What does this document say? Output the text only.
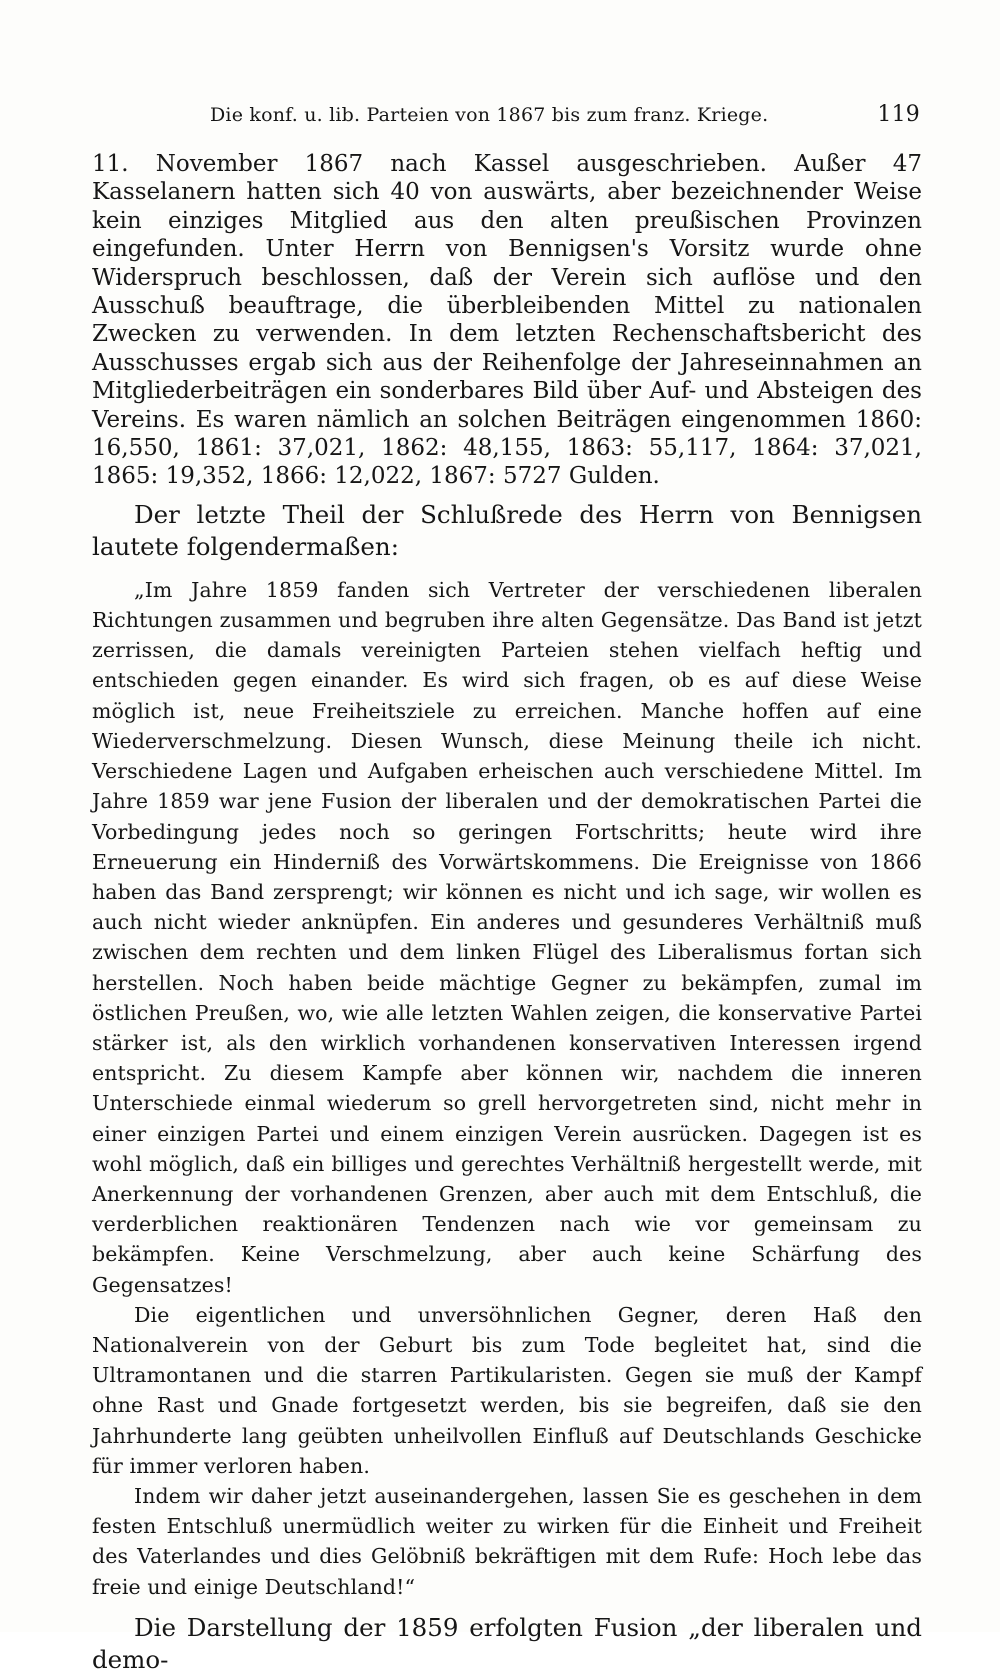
Die konf. u. lib. Parteien von 1867 bis zum franz. Kriege.	119

11. November 1867 nach Kassel ausgeschrieben. Außer 47 Kasselanern hatten sich 40 von auswärts, aber bezeichnender Weise kein einziges Mitglied aus den alten preußischen Provinzen eingefunden. Unter Herrn von Bennigsen's Vorsitz wurde ohne Widerspruch beschlossen, daß der Verein sich auflöse und den Ausschuß beauftrage, die überbleibenden Mittel zu nationalen Zwecken zu verwenden. In dem letzten Rechenschaftsbericht des Ausschusses ergab sich aus der Reihenfolge der Jahreseinnahmen an Mitgliederbeiträgen ein sonderbares Bild über Auf- und Absteigen des Vereins. Es waren nämlich an solchen Beiträgen eingenommen 1860: 16,550, 1861: 37,021, 1862: 48,155, 1863: 55,117, 1864: 37,021, 1865: 19,352, 1866: 12,022, 1867: 5727 Gulden.

Der letzte Theil der Schlußrede des Herrn von Bennigsen lautete folgendermaßen:

„Im Jahre 1859 fanden sich Vertreter der verschiedenen liberalen Richtungen zusammen und begruben ihre alten Gegensätze. Das Band ist jetzt zerrissen, die damals vereinigten Parteien stehen vielfach heftig und entschieden gegen einander. Es wird sich fragen, ob es auf diese Weise möglich ist, neue Freiheitsziele zu erreichen. Manche hoffen auf eine Wiederverschmelzung. Diesen Wunsch, diese Meinung theile ich nicht. Verschiedene Lagen und Aufgaben erheischen auch verschiedene Mittel. Im Jahre 1859 war jene Fusion der liberalen und der demokratischen Partei die Vorbedingung jedes noch so geringen Fortschritts; heute wird ihre Erneuerung ein Hinderniß des Vorwärtskommens. Die Ereignisse von 1866 haben das Band zersprengt; wir können es nicht und ich sage, wir wollen es auch nicht wieder anknüpfen. Ein anderes und gesunderes Verhältniß muß zwischen dem rechten und dem linken Flügel des Liberalismus fortan sich herstellen. Noch haben beide mächtige Gegner zu bekämpfen, zumal im östlichen Preußen, wo, wie alle letzten Wahlen zeigen, die konservative Partei stärker ist, als den wirklich vorhandenen konservativen Interessen irgend entspricht. Zu diesem Kampfe aber können wir, nachdem die inneren Unterschiede einmal wiederum so grell hervorgetreten sind, nicht mehr in einer einzigen Partei und einem einzigen Verein ausrücken. Dagegen ist es wohl möglich, daß ein billiges und gerechtes Verhältniß hergestellt werde, mit Anerkennung der vorhandenen Grenzen, aber auch mit dem Entschluß, die verderblichen reaktionären Tendenzen nach wie vor gemeinsam zu bekämpfen. Keine Verschmelzung, aber auch keine Schärfung des Gegensatzes!

Die eigentlichen und unversöhnlichen Gegner, deren Haß den Nationalverein von der Geburt bis zum Tode begleitet hat, sind die Ultramontanen und die starren Partikularisten. Gegen sie muß der Kampf ohne Rast und Gnade fortgesetzt werden, bis sie begreifen, daß sie den Jahrhunderte lang geübten unheilvollen Einfluß auf Deutschlands Geschicke für immer verloren haben.

Indem wir daher jetzt auseinandergehen, lassen Sie es geschehen in dem festen Entschluß unermüdlich weiter zu wirken für die Einheit und Freiheit des Vaterlandes und dies Gelöbniß bekräftigen mit dem Rufe: Hoch lebe das freie und einige Deutschland!“

Die Darstellung der 1859 erfolgten Fusion „der liberalen und demo-
